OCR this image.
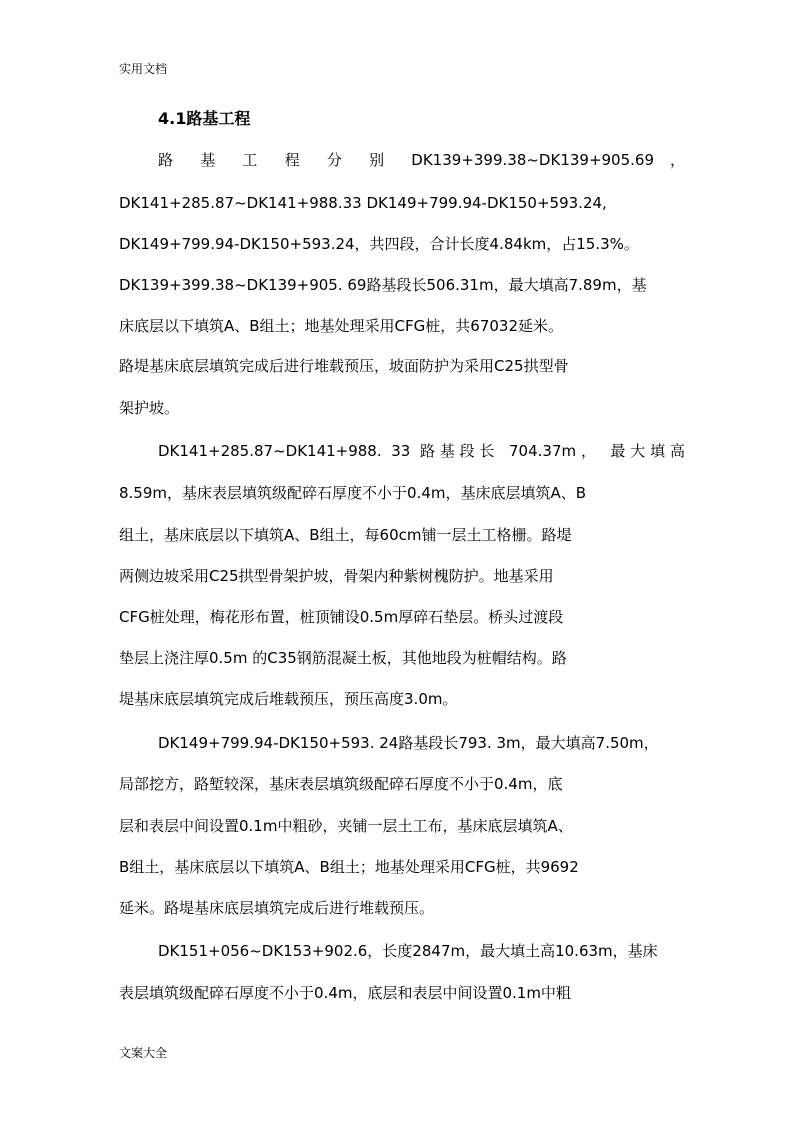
实用文档
4.1路基工程
路 基 工 程 分 别 DK139+399.38~DK139+905.69 ，
DK141+285.87~DK141+988.33 DK149+799.94-DK150+593.24,
DK149+799.94-DK150+593.24，共四段，合计长度4.84km，占15.3%。
DK139+399.38~DK139+905. 69路基段长506.31m，最大填高7.89m，基
床底层以下填筑A、B组土；地基处理采用CFG桩，共67032延米。
路堤基床底层填筑完成后进行堆载预压，坡面防护为采用C25拱型骨
架护坡。
DK141+285.87~DK141+988. 33 路基段长 704.37m， 最大填高
8.59m，基床表层填筑级配碎石厚度不小于0.4m，基床底层填筑A、B
组土，基床底层以下填筑A、B组土，每60cm铺一层土工格栅。路堤
两侧边坡采用C25拱型骨架护坡，骨架内种紫树槐防护。地基采用
CFG桩处理，梅花形布置，桩顶铺设0.5m厚碎石垫层。桥头过渡段
垫层上浇注厚0.5m 的C35钢筋混凝土板，其他地段为桩帽结构。路
堤基床底层填筑完成后堆载预压，预压高度3.0m。
DK149+799.94-DK150+593. 24路基段长793. 3m，最大填高7.50m，
局部挖方，路堑较深，基床表层填筑级配碎石厚度不小于0.4m，底
层和表层中间设置0.1m中粗砂，夹铺一层土工布，基床底层填筑A、
B组土，基床底层以下填筑A、B组土；地基处理采用CFG桩，共9692
延米。路堤基床底层填筑完成后进行堆载预压。
DK151+056~DK153+902.6，长度2847m，最大填土高10.63m，基床
表层填筑级配碎石厚度不小于0.4m，底层和表层中间设置0.1m中粗
文案大全
